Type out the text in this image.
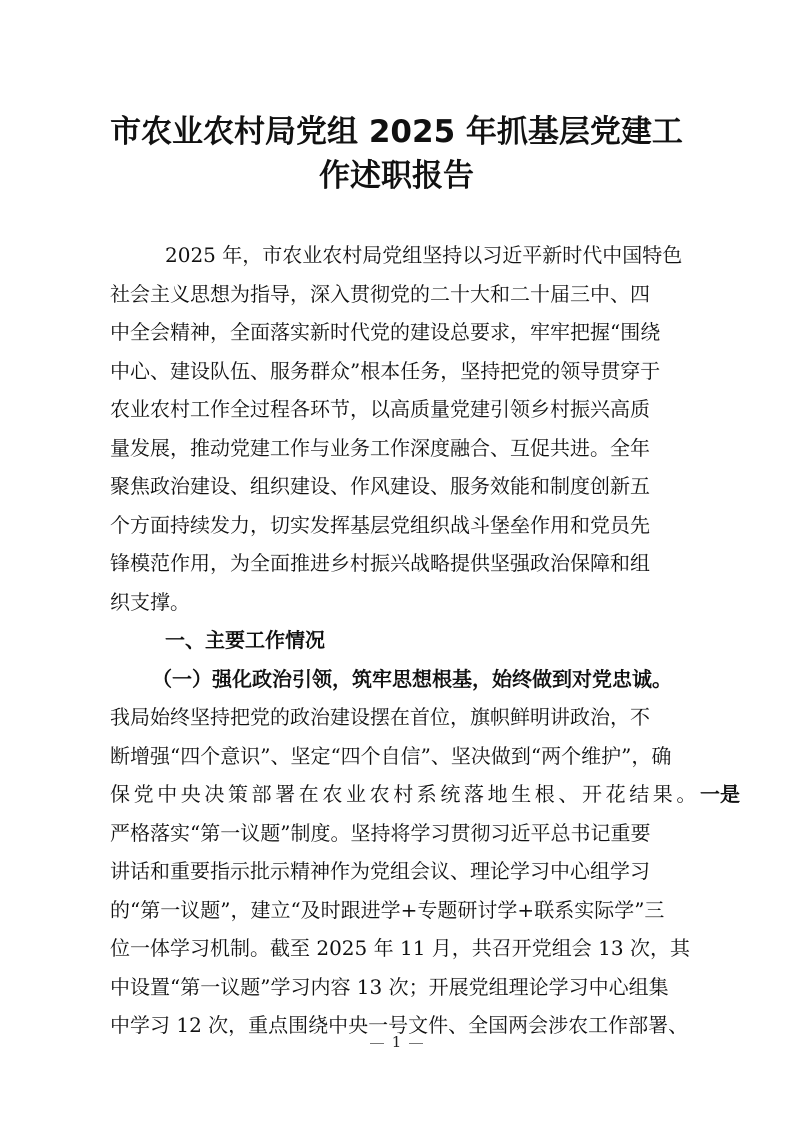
市农业农村局党组 2025 年抓基层党建工
作述职报告
2025 年，市农业农村局党组坚持以习近平新时代中国特色
社会主义思想为指导，深入贯彻党的二十大和二十届三中、四
中全会精神，全面落实新时代党的建设总要求，牢牢把握“围绕
中心、建设队伍、服务群众”根本任务，坚持把党的领导贯穿于
农业农村工作全过程各环节，以高质量党建引领乡村振兴高质
量发展，推动党建工作与业务工作深度融合、互促共进。全年
聚焦政治建设、组织建设、作风建设、服务效能和制度创新五
个方面持续发力，切实发挥基层党组织战斗堡垒作用和党员先
锋模范作用，为全面推进乡村振兴战略提供坚强政治保障和组
织支撑。
一、主要工作情况
（一）强化政治引领，筑牢思想根基，始终做到对党忠诚。
我局始终坚持把党的政治建设摆在首位，旗帜鲜明讲政治，不
断增强“四个意识”、坚定“四个自信”、坚决做到“两个维护”，确
保党中央决策部署在农业农村系统落地生根、开花结果。 一是
严格落实“第一议题”制度。坚持将学习贯彻习近平总书记重要
讲话和重要指示批示精神作为党组会议、理论学习中心组学习
的“第一议题”，建立“及时跟进学+专题研讨学+联系实际学”三
位一体学习机制。截至 2025 年 11 月，共召开党组会 13 次，其
中设置“第一议题”学习内容 13 次；开展党组理论学习中心组集
中学习 12 次，重点围绕中央一号文件、全国两会涉农工作部署、
1
